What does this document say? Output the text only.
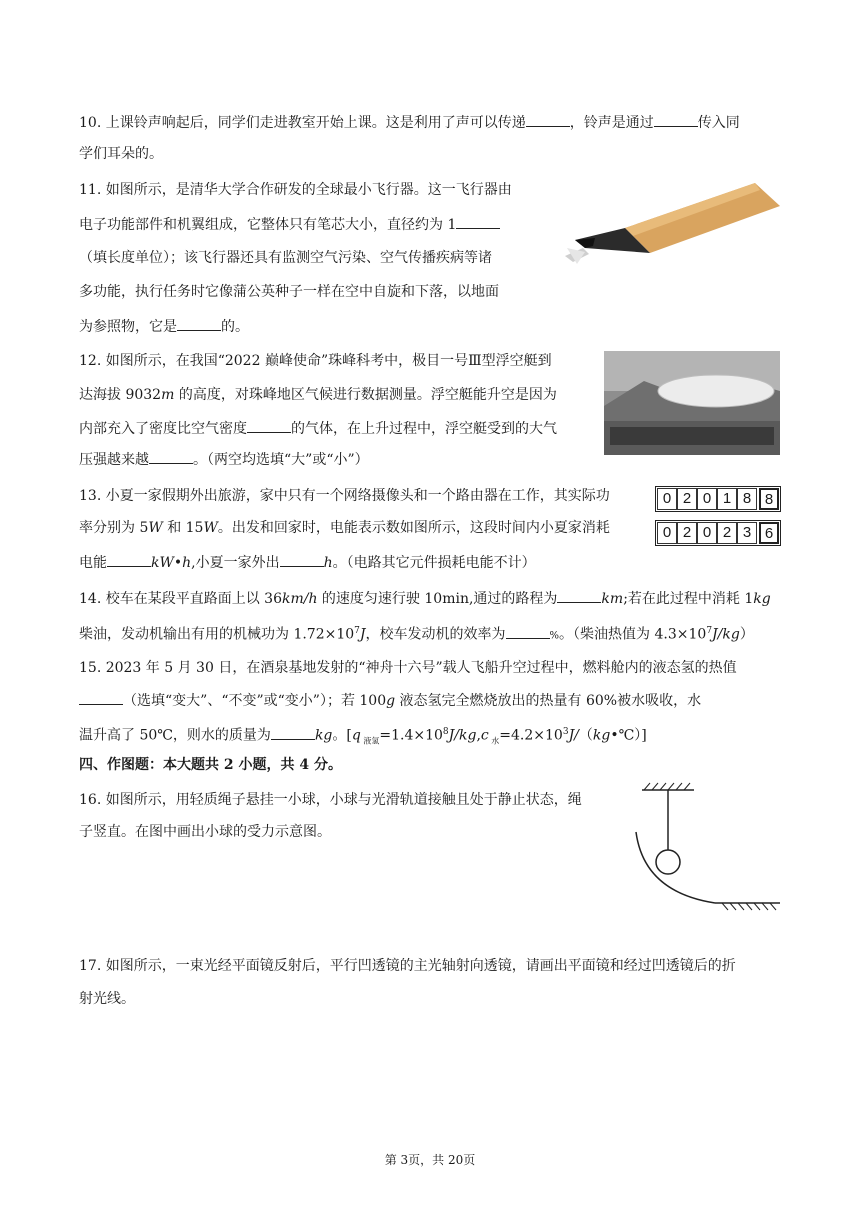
10. 上课铃声响起后，同学们走进教室开始上课。这是利用了声可以传递	，铃声是通过	传入同
学们耳朵的。
11. 如图所示，是清华大学合作研发的全球最小飞行器。这一飞行器由
电子功能部件和机翼组成，它整体只有笔芯大小，直径约为 1
（填长度单位）；该飞行器还具有监测空气污染、空气传播疾病等诸
多功能，执行任务时它像蒲公英种子一样在空中自旋和下落，以地面
为参照物，它是	的。
12. 如图所示，在我国“2022 巅峰使命”珠峰科考中，极目一号Ⅲ型浮空艇到
达海拔 9032m 的高度，对珠峰地区气候进行数据测量。浮空艇能升空是因为
内部充入了密度比空气密度	的气体，在上升过程中，浮空艇受到的大气
压强越来越	。（两空均选填“大”或“小”）
13. 小夏一家假期外出旅游，家中只有一个网络摄像头和一个路由器在工作，其实际功
率分别为 5W 和 15W。出发和回家时，电能表示数如图所示，这段时间内小夏家消耗
电能	kW•h,小夏一家外出	h。（电路其它元件损耗电能不计）
0 2 0 1 8 8
0 2 0 2 3 6
14. 校车在某段平直路面上以 36km/h 的速度匀速行驶 10min,通过的路程为	km;若在此过程中消耗 1kg
柴油，发动机输出有用的机械功为 $1.72\times 10^7J$，校车发动机的效率为	%。（柴油热值为 $4.3\times 10^7J/kg$）
15. 2023 年 5 月 30 日，在酒泉基地发射的“神舟十六号”载人飞船升空过程中，燃料舱内的液态氢的热值
（选填“变大”、“不变”或“变小”）；若 100g 液态氢完全燃烧放出的热量有 60%被水吸收，水
温升高了 50℃，则水的质量为	kg。[q $_{液氢}=1.4\times 10^8J/kg,c$ $_水=4.2\times 10^3J/(kg•℃)$]
四、作图题：本大题共 2 小题，共 4 分。
16. 如图所示，用轻质绳子悬挂一小球，小球与光滑轨道接触且处于静止状态，绳
子竖直。在图中画出小球的受力示意图。
17. 如图所示，一束光经平面镜反射后，平行凹透镜的主光轴射向透镜，请画出平面镜和经过凹透镜后的折
射光线。
第 3页，共 20页
